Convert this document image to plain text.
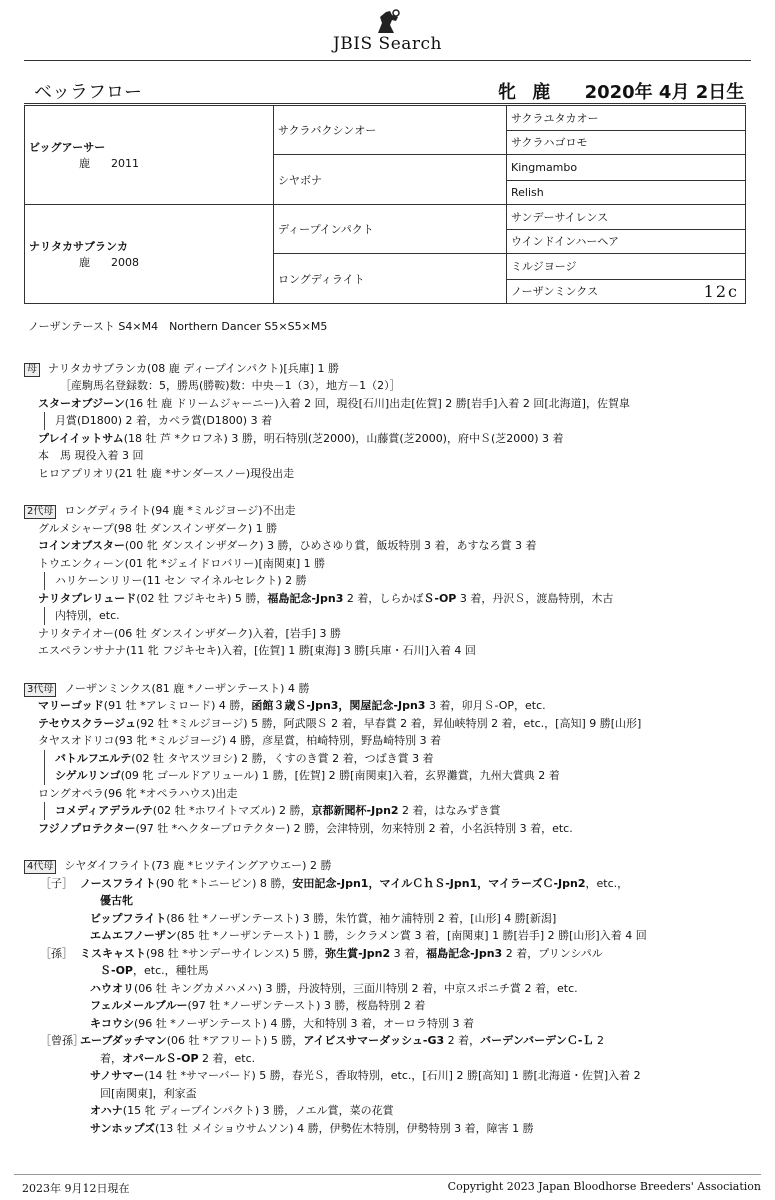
JBIS Search
ベッラフロー	牝 鹿 2020年 4月 2日生
ビッグアーサー
鹿 2011	サクラバクシンオー	サクラユタカオー
		サクラハゴロモ
	シヤボナ	Kingmambo
		Relish

ナリタカサブランカ
鹿 2008	ディープインパクト	サンデーサイレンス
		ウインドインハーヘア
	ロングディライト	ミルジヨージ
		ノーザンミンクス 12c
ノーザンテースト S4×M4　Northern Dancer S5×S5×M5
母 ナリタカサブランカ(08 鹿 ディープインパクト)[兵庫] 1 勝
［産駒馬名登録数：5，勝馬(勝鞍)数：中央－1（3），地方－1（2）］
スターオブジーン(16 牡 鹿 ドリームジャーニー)入着 2 回，現役[石川]出走[佐賀] 2 勝[岩手]入着 2 回[北海道]，佐賀皐
月賞(D1800) 2 着，カペラ賞(D1800) 3 着
プレイイットサム(18 牡 芦 *クロフネ) 3 勝，明石特別(芝2000)，山藤賞(芝2000)，府中Ｓ(芝2000) 3 着
本　馬 現役入着 3 回
ヒロアプリオリ(21 牡 鹿 *サンダースノー)現役出走
2代母 ロングディライト(94 鹿 *ミルジヨージ)不出走
グルメシャープ(98 牡 ダンスインザダーク) 1 勝
コインオブスター(00 牝 ダンスインザダーク) 3 勝，ひめさゆり賞，飯坂特別 3 着，あすなろ賞 3 着
トウエンクィーン(01 牝 *ジェイドロバリー)[南関東] 1 勝
ハリケーンリリー(11 セン マイネルセレクト) 2 勝
ナリタプレリュード(02 牡 フジキセキ) 5 勝，福島記念-Jpn3 2 着，しらかばＳ-OP 3 着，丹沢Ｓ，渡島特別，木古
内特別，etc.
ナリタテイオー(06 牡 ダンスインザダーク)入着，[岩手] 3 勝
エスペランサナナ(11 牝 フジキセキ)入着，[佐賀] 1 勝[東海] 3 勝[兵庫・石川]入着 4 回
3代母 ノーザンミンクス(81 鹿 *ノーザンテースト) 4 勝
マリーゴッド(91 牡 *アレミロード) 4 勝，函館３歳Ｓ-Jpn3，関屋記念-Jpn3 3 着，卯月Ｓ-OP，etc.
テセウスクラージュ(92 牡 *ミルジヨージ) 5 勝，阿武隈Ｓ 2 着，早春賞 2 着，昇仙峡特別 2 着，etc.，[高知] 9 勝[山形]
タヤスオドリコ(93 牝 *ミルジヨージ) 4 勝，彦星賞，柏崎特別，野島崎特別 3 着
バトルフエルテ(02 牡 タヤスツヨシ) 2 勝，くすのき賞 2 着，つばき賞 3 着
シゲルリンゴ(09 牝 ゴールドアリュール) 1 勝，[佐賀] 2 勝[南関東]入着，玄界灘賞，九州大賞典 2 着
ロングオペラ(96 牝 *オペラハウス)出走
コメディアデラルテ(02 牡 *ホワイトマズル) 2 勝，京都新聞杯-Jpn2 2 着，はなみずき賞
フジノプロテクター(97 牡 *ヘクタープロテクター) 2 勝，会津特別，勿来特別 2 着，小名浜特別 3 着，etc.
4代母 シヤダイフライト(73 鹿 *ヒツテイングアウエー) 2 勝
［子］ ノースフライト(90 牝 *トニービン) 8 勝，安田記念-Jpn1，マイルＣｈＳ-Jpn1，マイラーズＣ-Jpn2，etc.，
優古牝
ビップフライト(86 牡 *ノーザンテースト) 3 勝，朱竹賞，袖ケ浦特別 2 着，[山形] 4 勝[新潟]
エムエフノーザン(85 牡 *ノーザンテースト) 1 勝，シクラメン賞 3 着，[南関東] 1 勝[岩手] 2 勝[山形]入着 4 回
［孫］ ミスキャスト(98 牡 *サンデーサイレンス) 5 勝，弥生賞-Jpn2 3 着，福島記念-Jpn3 2 着，プリンシパル
Ｓ-OP，etc.，種牡馬
ハウオリ(06 牡 キングカメハメハ) 3 勝，丹波特別，三面川特別 2 着，中京スポニチ賞 2 着，etc.
フェルメールブルー(97 牡 *ノーザンテースト) 3 勝，桜島特別 2 着
キコウシ(96 牡 *ノーザンテースト) 4 勝，大和特別 3 着，オーロラ特別 3 着
［曾孫］エーブダッチマン(06 牡 *アフリート) 5 勝，アイビスサマーダッシュ-G3 2 着，バーデンバーデンＣ-Ｌ 2
着，オパールＳ-OP 2 着，etc.
サノサマー(14 牡 *サマーバード) 5 勝，春光Ｓ，香取特別，etc.，[石川] 2 勝[高知] 1 勝[北海道・佐賀]入着 2
回[南関東]，利家盃
オハナ(15 牝 ディープインパクト) 3 勝，ノエル賞，菜の花賞
サンホップズ(13 牡 メイショウサムソン) 4 勝，伊勢佐木特別，伊勢特別 3 着，障害 1 勝
2023年 9月12日現在	Copyright 2023 Japan Bloodhorse Breeders' Association
